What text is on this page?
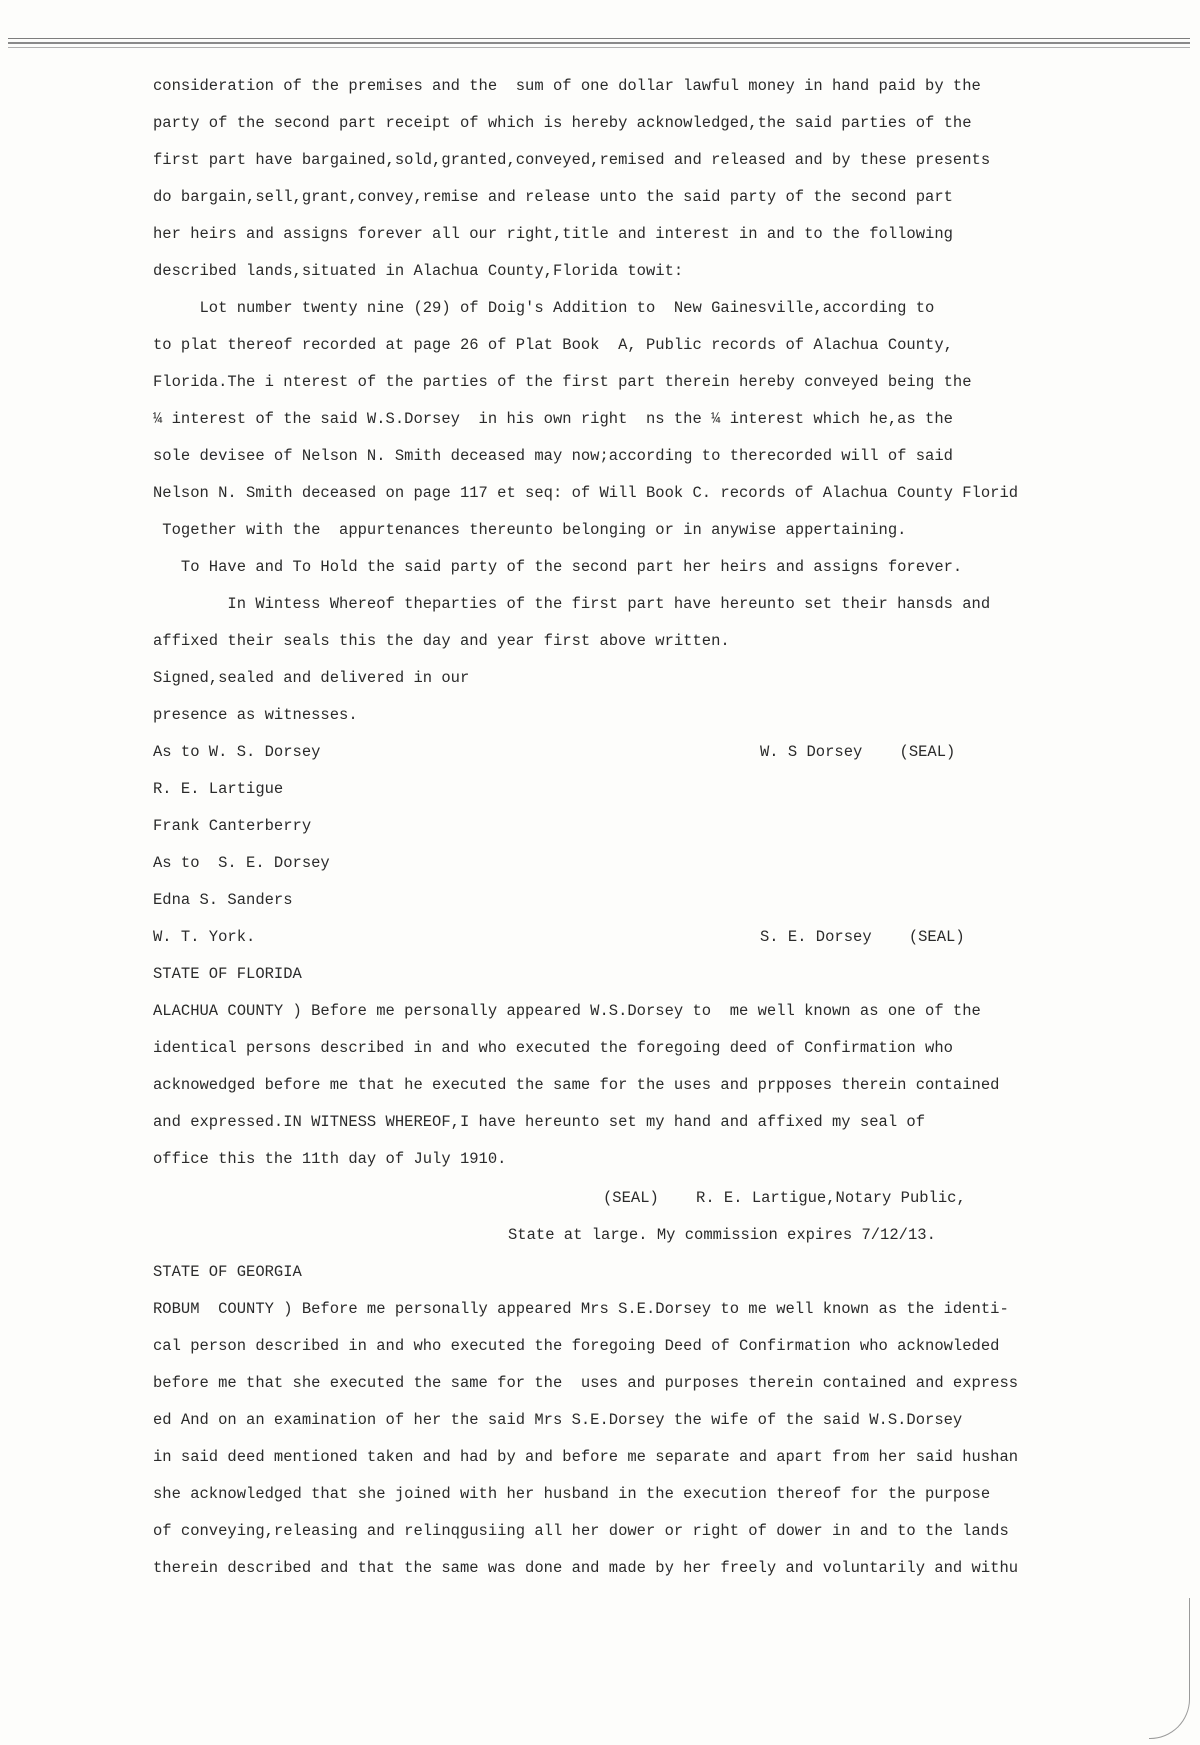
consideration of the premises and the  sum of one dollar lawful money in hand paid by the
party of the second part receipt of which is hereby acknowledged,the said parties of the
first part have bargained,sold,granted,conveyed,remised and released and by these presents
do bargain,sell,grant,convey,remise and release unto the said party of the second part
her heirs and assigns forever all our right,title and interest in and to the following
described lands,situated in Alachua County,Florida towit:
Lot number twenty nine (29) of Doig's Addition to  New Gainesville,according to
to plat thereof recorded at page 26 of Plat Book  A, Public records of Alachua County,
Florida.The i nterest of the parties of the first part therein hereby conveyed being the
¼ interest of the said W.S.Dorsey  in his own right  ns the ¼ interest which he,as the
sole devisee of Nelson N. Smith deceased may now;according to therecorded will of said
Nelson N. Smith deceased on page 117 et seq: of Will Book C. records of Alachua County Florid
Together with the  appurtenances thereunto belonging or in anywise appertaining.
To Have and To Hold the said party of the second part her heirs and assigns forever.
In Wintess Whereof theparties of the first part have hereunto set their hansds and
affixed their seals this the day and year first above written.
Signed,sealed and delivered in our
presence as witnesses.
As to W. S. Dorsey	W. S Dorsey    (SEAL)
R. E. Lartigue
Frank Canterberry
As to  S. E. Dorsey
Edna S. Sanders
W. T. York.	S. E. Dorsey    (SEAL)
STATE OF FLORIDA
ALACHUA COUNTY ) Before me personally appeared W.S.Dorsey to  me well known as one of the
identical persons described in and who executed the foregoing deed of Confirmation who
acknowedged before me that he executed the same for the uses and prpposes therein contained
and expressed.IN WITNESS WHEREOF,I have hereunto set my hand and affixed my seal of
office this the 11th day of July 1910.
(SEAL)    R. E. Lartigue,Notary Public,
State at large. My commission expires 7/12/13.
STATE OF GEORGIA
ROBUM  COUNTY ) Before me personally appeared Mrs S.E.Dorsey to me well known as the identi-
cal person described in and who executed the foregoing Deed of Confirmation who acknowleded
before me that she executed the same for the  uses and purposes therein contained and express
ed And on an examination of her the said Mrs S.E.Dorsey the wife of the said W.S.Dorsey
in said deed mentioned taken and had by and before me separate and apart from her said hushan
she acknowledged that she joined with her husband in the execution thereof for the purpose
of conveying,releasing and relinqgusiing all her dower or right of dower in and to the lands
therein described and that the same was done and made by her freely and voluntarily and withu
